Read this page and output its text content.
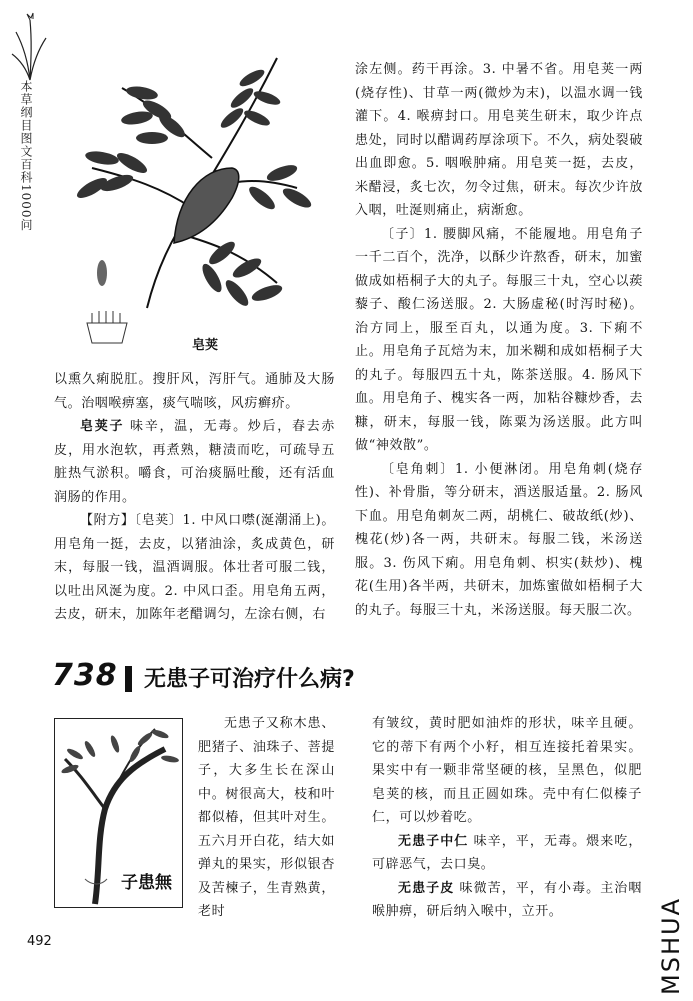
本草纲目图文百科1000问
皂荚

以熏久痢脱肛。搜肝风，泻肝气。通肺及大肠气。治咽喉痹塞，痰气喘咳，风疠癣疥。

皂荚子 味辛，温，无毒。炒后，春去赤皮，用水泡软，再煮熟，糖渍而吃，可疏导五脏热气淤积。嚼食，可治痰膈吐酸，还有活血润肠的作用。

【附方】〔皂荚〕1. 中风口噤(涎潮涌上)。用皂角一挺，去皮，以猪油涂，炙成黄色，研末，每服一钱，温酒调服。体壮者可服二钱，以吐出风涎为度。2. 中风口歪。用皂角五两，去皮，研末，加陈年老醋调匀，左涂右侧，右

涂左侧。药干再涂。3. 中暑不省。用皂荚一两(烧存性)、甘草一两(微炒为末)，以温水调一钱灌下。4. 喉痹封口。用皂荚生研末，取少许点患处，同时以醋调药厚涂项下。不久，病处裂破出血即愈。5. 咽喉肿痛。用皂荚一挺，去皮，米醋浸，炙七次，勿令过焦，研末。每次少许放入咽，吐涎则痛止，病渐愈。

〔子〕1. 腰脚风痛，不能履地。用皂角子一千二百个，洗净，以酥少许熬香，研末，加蜜做成如梧桐子大的丸子。每服三十丸，空心以蒺藜子、酸仁汤送服。2. 大肠虚秘(时泻时秘)。治方同上，服至百丸，以通为度。3. 下痢不止。用皂角子瓦焙为末，加米糊和成如梧桐子大的丸子。每服四五十丸，陈茶送服。4. 肠风下血。用皂角子、槐实各一两，加粘谷糠炒香，去糠，研末，每服一钱，陈粟为汤送服。此方叫做“神效散”。

〔皂角刺〕1. 小便淋闭。用皂角刺(烧存性)、补骨脂，等分研末，酒送服适量。2. 肠风下血。用皂角刺灰二两，胡桃仁、破故纸(炒)、槐花(炒)各一两，共研末。每服二钱，米汤送服。3. 伤风下痢。用皂角刺、枳实(麸炒)、槐花(生用)各半两，共研末，加炼蜜做如梧桐子大的丸子。每服三十丸，米汤送服。每天服二次。

738 无患子可治疗什么病?
子患無

无患子又称木患、肥猪子、油珠子、菩提子，大多生长在深山中。树很高大，枝和叶都似椿，但其叶对生。五六月开白花，结大如弹丸的果实，形似银杏及苦楝子，生青熟黄，老时

有皱纹，黄时肥如油炸的形状，味辛且硬。它的蒂下有两个小籽，相互连接托着果实。果实中有一颗非常坚硬的核，呈黑色，似肥皂荚的核，而且正圆如珠。壳中有仁似榛子仁，可以炒着吃。

无患子中仁 味辛，平，无毒。煨来吃，可辟恶气，去口臭。

无患子皮 味微苦，平，有小毒。主治咽喉肿痹，研后纳入喉中，立开。

492	MSHUA
